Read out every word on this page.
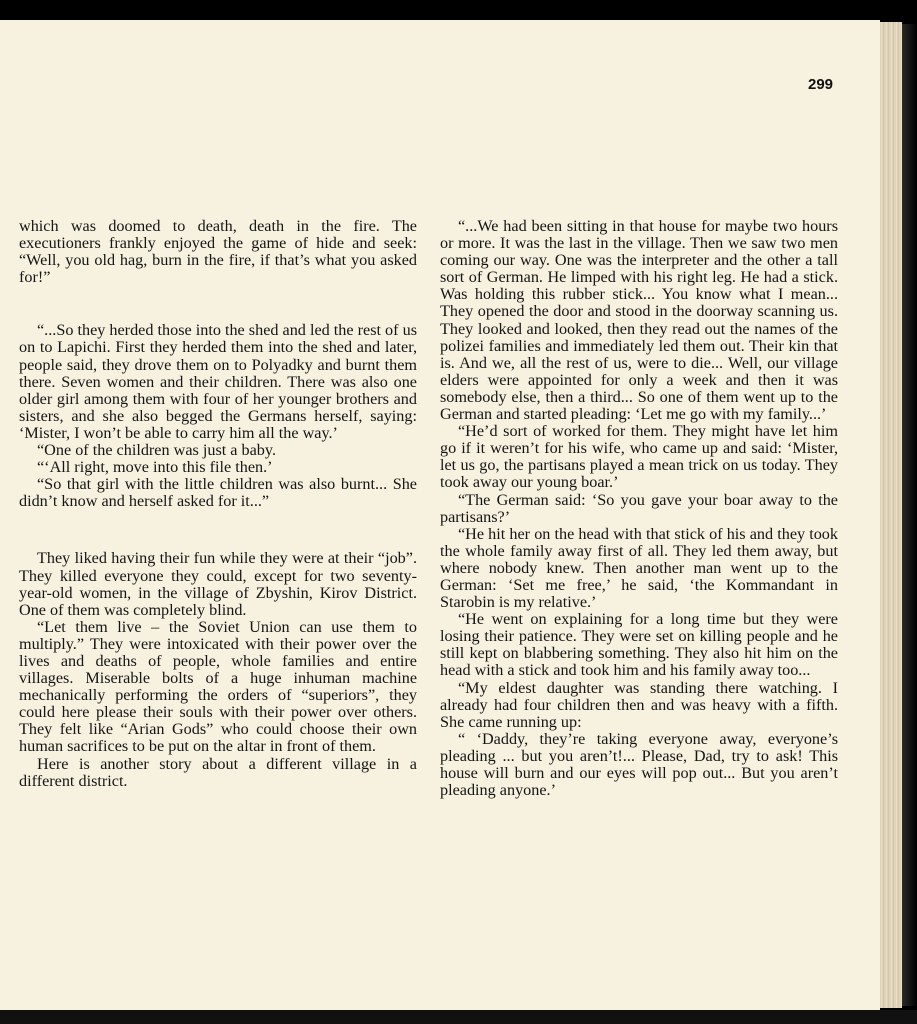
299

which was doomed to death, death in the fire. The executioners frankly enjoyed the game of hide and seek: “Well, you old hag, burn in the fire, if that’s what you asked for!”

“...So they herded those into the shed and led the rest of us on to Lapichi. First they herded them into the shed and later, people said, they drove them on to Polyadky and burnt them there. Seven women and their children. There was also one older girl among them with four of her younger brothers and sisters, and she also begged the Germans herself, saying: ‘Mister, I won’t be able to carry him all the way.’

“One of the children was just a baby.

“‘All right, move into this file then.’

“So that girl with the little children was also burnt... She didn’t know and herself asked for it...”

They liked having their fun while they were at their “job”. They killed everyone they could, except for two seventy-year-old women, in the village of Zbyshin, Kirov District. One of them was completely blind.

“Let them live – the Soviet Union can use them to multiply.” They were intoxicated with their power over the lives and deaths of people, whole families and entire villages. Miserable bolts of a huge inhuman machine mechanically performing the orders of “superiors”, they could here please their souls with their power over others. They felt like “Arian Gods” who could choose their own human sacrifices to be put on the altar in front of them.

Here is another story about a different village in a different district.

“...We had been sitting in that house for maybe two hours or more. It was the last in the village. Then we saw two men coming our way. One was the interpreter and the other a tall sort of German. He limped with his right leg. He had a stick. Was holding this rubber stick... You know what I mean... They opened the door and stood in the doorway scanning us. They looked and looked, then they read out the names of the polizei families and immediately led them out. Their kin that is. And we, all the rest of us, were to die... Well, our village elders were appointed for only a week and then it was somebody else, then a third... So one of them went up to the German and started pleading: ‘Let me go with my family...’

“He’d sort of worked for them. They might have let him go if it weren’t for his wife, who came up and said: ‘Mister, let us go, the partisans played a mean trick on us today. They took away our young boar.’

“The German said: ‘So you gave your boar away to the partisans?’

“He hit her on the head with that stick of his and they took the whole family away first of all. They led them away, but where nobody knew. Then another man went up to the German: ‘Set me free,’ he said, ‘the Kommandant in Starobin is my relative.’

“He went on explaining for a long time but they were losing their patience. They were set on killing people and he still kept on blabbering something. They also hit him on the head with a stick and took him and his family away too...

“My eldest daughter was standing there watching. I already had four children then and was heavy with a fifth. She came running up:

“ ‘Daddy, they’re taking everyone away, everyone’s pleading ... but you aren’t!... Please, Dad, try to ask! This house will burn and our eyes will pop out... But you aren’t pleading anyone.’
